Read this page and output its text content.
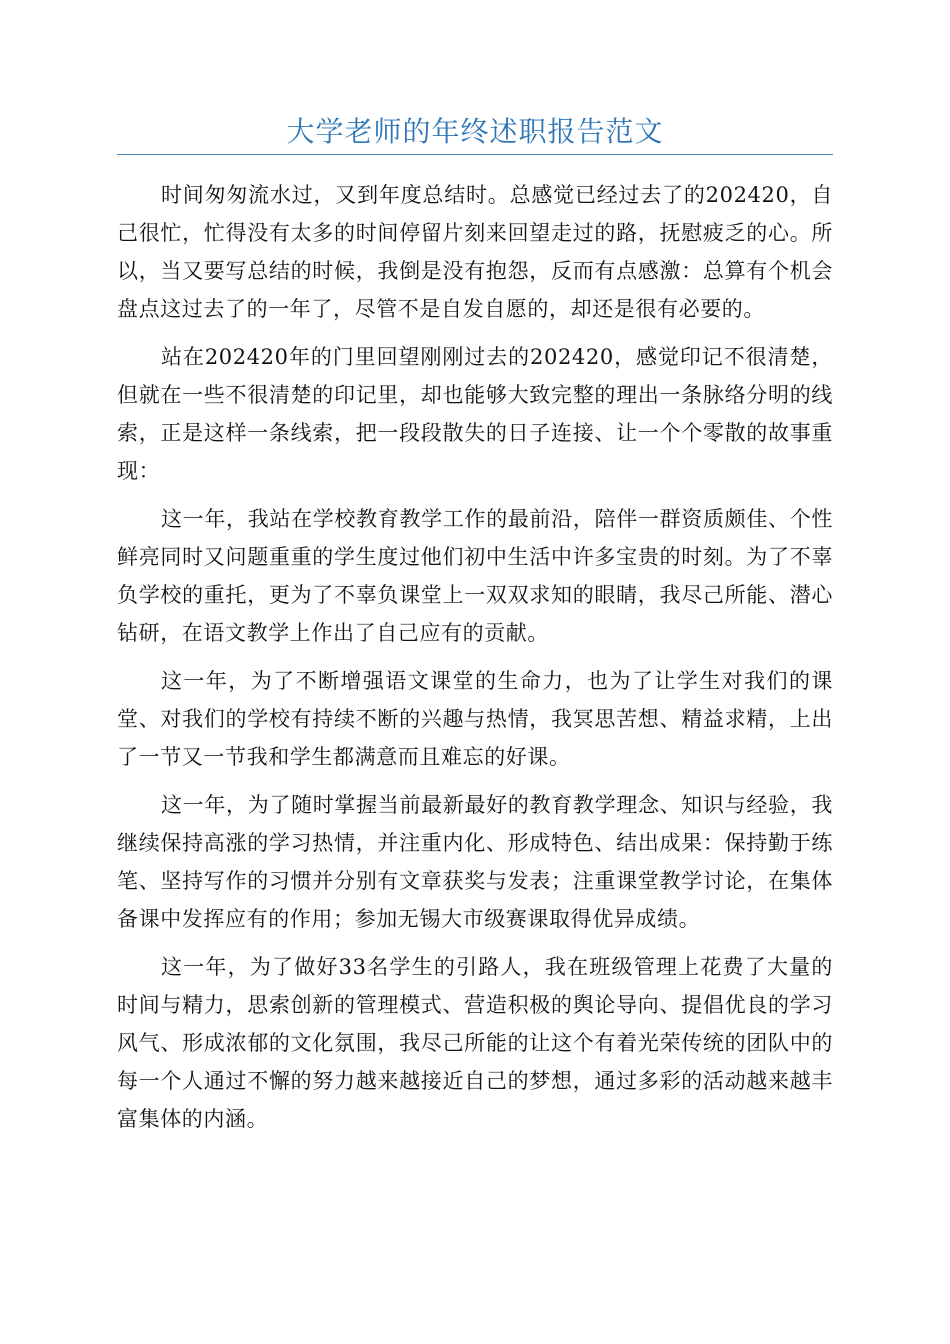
大学老师的年终述职报告范文

时间匆匆流水过，又到年度总结时。总感觉已经过去了的202420，自己很忙，忙得没有太多的时间停留片刻来回望走过的路，抚慰疲乏的心。所以，当又要写总结的时候，我倒是没有抱怨，反而有点感激：总算有个机会盘点这过去了的一年了，尽管不是自发自愿的，却还是很有必要的。

站在202420年的门里回望刚刚过去的202420，感觉印记不很清楚，但就在一些不很清楚的印记里，却也能够大致完整的理出一条脉络分明的线索，正是这样一条线索，把一段段散失的日子连接、让一个个零散的故事重现：

这一年，我站在学校教育教学工作的最前沿，陪伴一群资质颇佳、个性鲜亮同时又问题重重的学生度过他们初中生活中许多宝贵的时刻。为了不辜负学校的重托，更为了不辜负课堂上一双双求知的眼睛，我尽己所能、潜心钻研，在语文教学上作出了自己应有的贡献。

这一年，为了不断增强语文课堂的生命力，也为了让学生对我们的课堂、对我们的学校有持续不断的兴趣与热情，我冥思苦想、精益求精，上出了一节又一节我和学生都满意而且难忘的好课。

这一年，为了随时掌握当前最新最好的教育教学理念、知识与经验，我继续保持高涨的学习热情，并注重内化、形成特色、结出成果：保持勤于练笔、坚持写作的习惯并分别有文章获奖与发表；注重课堂教学讨论，在集体备课中发挥应有的作用；参加无锡大市级赛课取得优异成绩。

这一年，为了做好33名学生的引路人，我在班级管理上花费了大量的时间与精力，思索创新的管理模式、营造积极的舆论导向、提倡优良的学习风气、形成浓郁的文化氛围，我尽己所能的让这个有着光荣传统的团队中的每一个人通过不懈的努力越来越接近自己的梦想，通过多彩的活动越来越丰富集体的内涵。
